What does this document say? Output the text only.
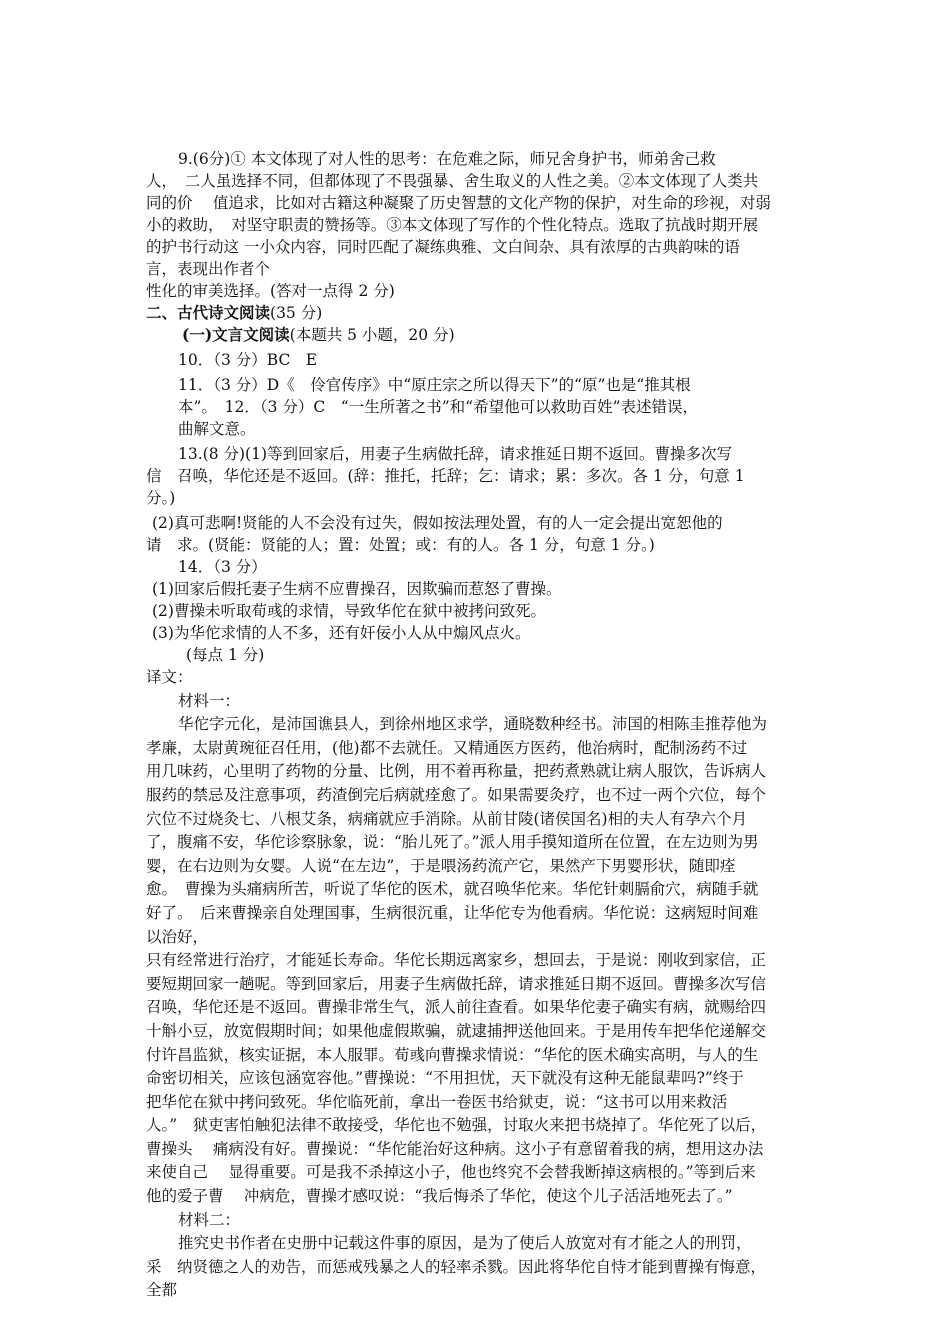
9.(6分)① 本文体现了对人性的思考：在危难之际，师兄舍身护书，师弟舍己救

人，　二人虽选择不同，但都体现了不畏强暴、舍生取义的人性之美。②本文体现了人类共

同的价　 值追求，比如对古籍这种凝聚了历史智慧的文化产物的保护，对生命的珍视，对弱

小的救助，　对坚守职责的赞扬等。③本文体现了写作的个性化特点。选取了抗战时期开展

的护书行动这 一小众内容，同时匹配了凝练典雅、文白间杂、具有浓厚的古典韵味的语

言，表现出作者个

性化的审美选择。(答对一点得 2 分)

二、古代诗文阅读(35 分)

(一)文言文阅读(本题共 5 小题，20 分)

10．（3 分）BC　E

11．（3 分）D《　伶官传序》中“原庄宗之所以得天下”的“原”也是“推其根

本”。　12．（3 分）C　“一生所著之书”和“希望他可以救助百姓”表述错误，

曲解文意。

13.(8 分)(1)等到回家后，用妻子生病做托辞，请求推延日期不返回。曹操多次写

信　召唤，华佗还是不返回。(辞：推托，托辞；乞：请求；累：多次。各 1 分，句意 1

分。)

(2)真可悲啊!贤能的人不会没有过失，假如按法理处置，有的人一定会提出宽恕他的

请　求。(贤能：贤能的人；置：处置；或：有的人。各 1 分，句意 1 分。)

14．（3 分）

(1)回家后假托妻子生病不应曹操召，因欺骗而惹怒了曹操。

(2)曹操未听取荀彧的求情，导致华佗在狱中被拷问致死。

(3)为华佗求情的人不多，还有奸佞小人从中煽风点火。

(每点 1 分)

译文：

材料一：

华佗字元化，是沛国谯县人，到徐州地区求学，通晓数种经书。沛国的相陈圭推荐他为

孝廉，太尉黄琬征召任用，(他)都不去就任。又精通医方医药，他治病时，配制汤药不过

用几味药，心里明了药物的分量、比例，用不着再称量，把药煮熟就让病人服饮，告诉病人

服药的禁忌及注意事项，药渣倒完后病就痊愈了。如果需要灸疗，也不过一两个穴位，每个

穴位不过烧灸七、八根艾条，病痛就应手消除。从前甘陵(诸侯国名)相的夫人有孕六个月

了，腹痛不安，华佗诊察脉象，说：“胎儿死了。”派人用手摸知道所在位置，在左边则为男

婴，在右边则为女婴。人说“在左边”，于是喂汤药流产它，果然产下男婴形状，随即痊

愈。　曹操为头痛病所苦，听说了华佗的医术，就召唤华佗来。华佗针刺膈俞穴，病随手就

好了。　后来曹操亲自处理国事，生病很沉重，让华佗专为他看病。华佗说：这病短时间难

以治好，

只有经常进行治疗，才能延长寿命。华佗长期远离家乡，想回去，于是说：刚收到家信，正

要短期回家一趟呢。等到回家后，用妻子生病做托辞，请求推延日期不返回。曹操多次写信

召唤，华佗还是不返回。曹操非常生气，派人前往查看。如果华佗妻子确实有病，就赐给四

十斛小豆，放宽假期时间；如果他虚假欺骗，就逮捕押送他回来。于是用传车把华佗递解交

付许昌监狱，核实证据，本人服罪。荀彧向曹操求情说：“华佗的医术确实高明，与人的生

命密切相关，应该包涵宽容他。”曹操说：“不用担忧，天下就没有这种无能鼠辈吗?”终于

把华佗在狱中拷问致死。华佗临死前，拿出一卷医书给狱吏，说：“这书可以用来救活

人。”　狱吏害怕触犯法律不敢接受，华佗也不勉强，讨取火来把书烧掉了。华佗死了以后，

曹操头　 痛病没有好。曹操说：“华佗能治好这种病。这小子有意留着我的病，想用这办法

来使自己　 显得重要。可是我不杀掉这小子，他也终究不会替我断掉这病根的。”等到后来

他的爱子曹　 冲病危，曹操才感叹说：“我后悔杀了华佗，使这个儿子活活地死去了。”

材料二：

推究史书作者在史册中记载这件事的原因，是为了使后人放宽对有才能之人的刑罚，

采　纳贤德之人的劝告，而惩戒残暴之人的轻率杀戮。因此将华佗自恃才能到曹操有悔意，

全都
